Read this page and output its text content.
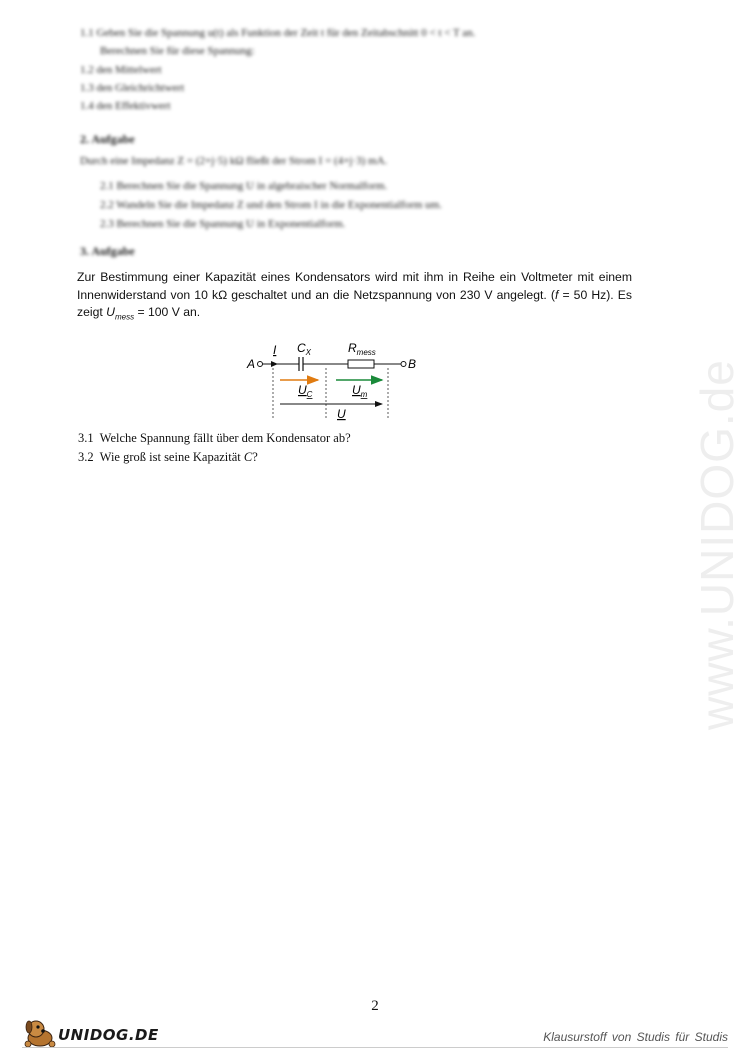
1.1 Geben Sie die Spannung u(t) als Funktion der Zeit t für den Zeitabschnitt 0 < t < T an.
Berechnen Sie für diese Spannung:
1.2 den Mittelwert
1.3 den Gleichrichtwert
1.4 den Effektivwert
2. Aufgabe
Durch eine Impedanz Z = (2+j·5) kΩ fließt der Strom I = (4+j·3) mA.
2.1 Berechnen Sie die Spannung U in algebraischer Normalform.
2.2 Wandeln Sie die Impedanz Z und den Strom I in die Exponentialform um.
2.3 Berechnen Sie die Spannung U in Exponentialform.
3. Aufgabe
Zur Bestimmung einer Kapazität eines Kondensators wird mit ihm in Reihe ein Voltmeter mit einem Innenwiderstand von 10 kΩ geschaltet und an die Netzspannung von 230 V angelegt. (f = 50 Hz). Es zeigt $U_{mess} = 100$ V an.
A	B
I $C_X$	$R_{mess}$
$U_C$	$U_m$
U
3.1 Welche Spannung fällt über dem Kondensator ab?
3.2 Wie groß ist seine Kapazität C?	www.UNIDOG.de
2
UNIDOG.DE	Klausurstoff von Studis für Studis
